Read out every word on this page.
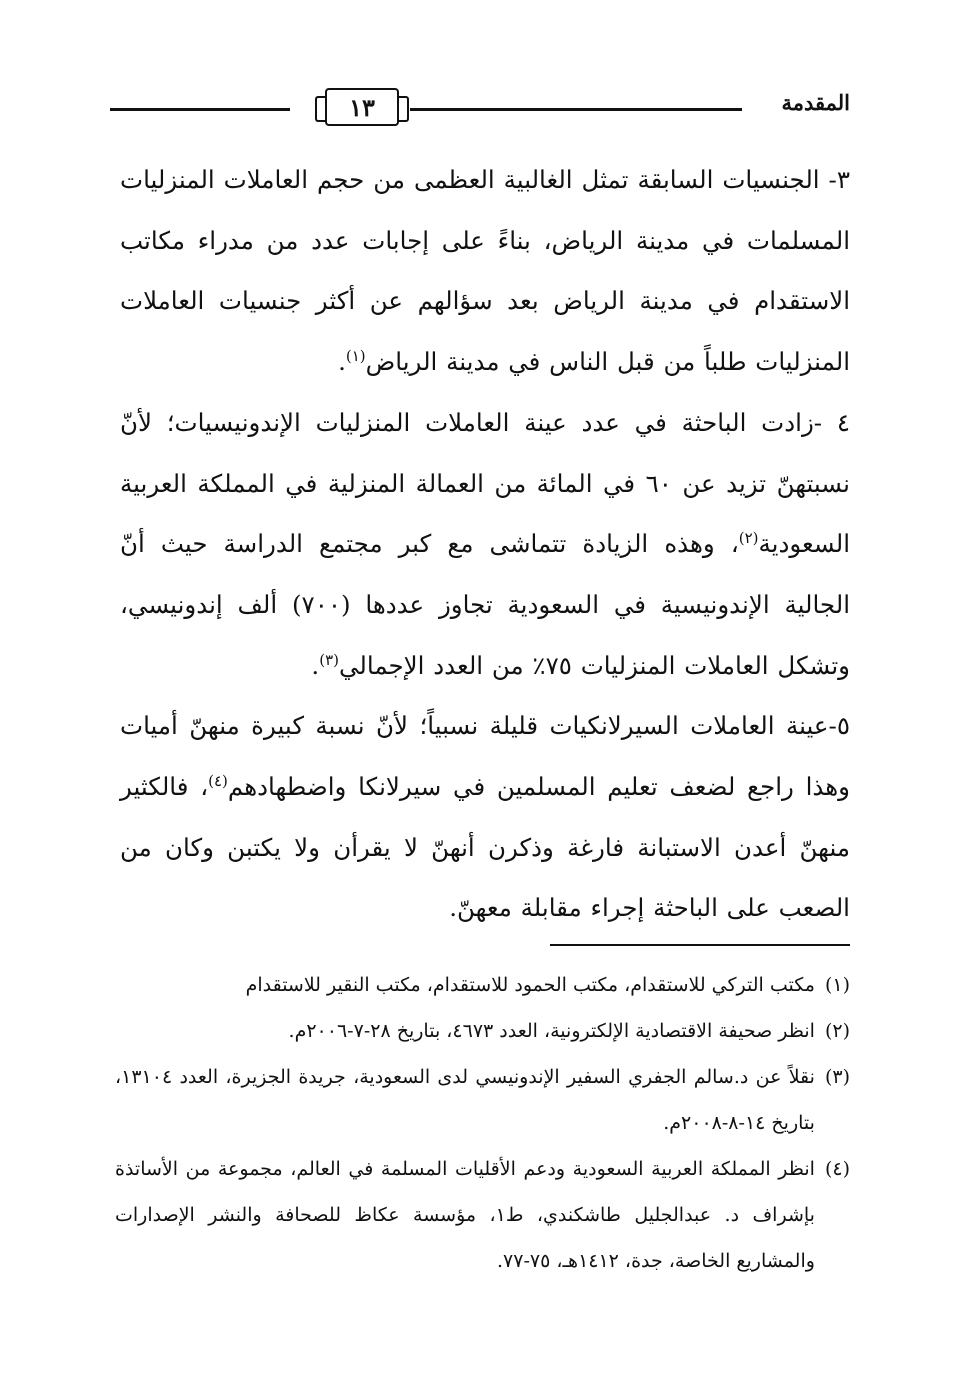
المقدمة
١٣

٣- الجنسيات السابقة تمثل الغالبية العظمى من حجم العاملات المنزليات المسلمات في مدينة الرياض، بناءً على إجابات عدد من مدراء مكاتب الاستقدام في مدينة الرياض بعد سؤالهم عن أكثر جنسيات العاملات المنزليات طلباً من قبل الناس في مدينة الرياض$^{(١)}$.

٤ -زادت الباحثة في عدد عينة العاملات المنزليات الإندونيسيات؛ لأنّ نسبتهنّ تزيد عن ٦٠ في المائة من العمالة المنزلية في المملكة العربية السعودية$^{(٢)}$، وهذه الزيادة تتماشى مع كبر مجتمع الدراسة حيث أنّ الجالية الإندونيسية في السعودية تجاوز عددها (٧٠٠) ألف إندونيسي، وتشكل العاملات المنزليات ٧٥٪ من العدد الإجمالي$^{(٣)}$.

٥-عينة العاملات السيرلانكيات قليلة نسبياً؛ لأنّ نسبة كبيرة منهنّ أميات وهذا راجع لضعف تعليم المسلمين في سيرلانكا واضطهادهم$^{(٤)}$، فالكثير منهنّ أعدن الاستبانة فارغة وذكرن أنهنّ لا يقرأن ولا يكتبن وكان من الصعب على الباحثة إجراء مقابلة معهنّ.

(١)
مكتب التركي للاستقدام، مكتب الحمود للاستقدام، مكتب النقير للاستقدام

(٢)
انظر صحيفة الاقتصادية الإلكترونية، العدد ٤٦٧٣، بتاريخ ٢٨-٧-٢٠٠٦م.

(٣)
نقلاً عن د.سالم الجفري السفير الإندونيسي لدى السعودية، جريدة الجزيرة، العدد ١٣١٠٤، بتاريخ ١٤-٨-٢٠٠٨م.

(٤)
انظر المملكة العربية السعودية ودعم الأقليات المسلمة في العالم، مجموعة من الأساتذة بإشراف د. عبدالجليل طاشكندي، ط١، مؤسسة عكاظ للصحافة والنشر الإصدارات والمشاريع الخاصة، جدة، ١٤١٢هـ، ٧٥-٧٧.
